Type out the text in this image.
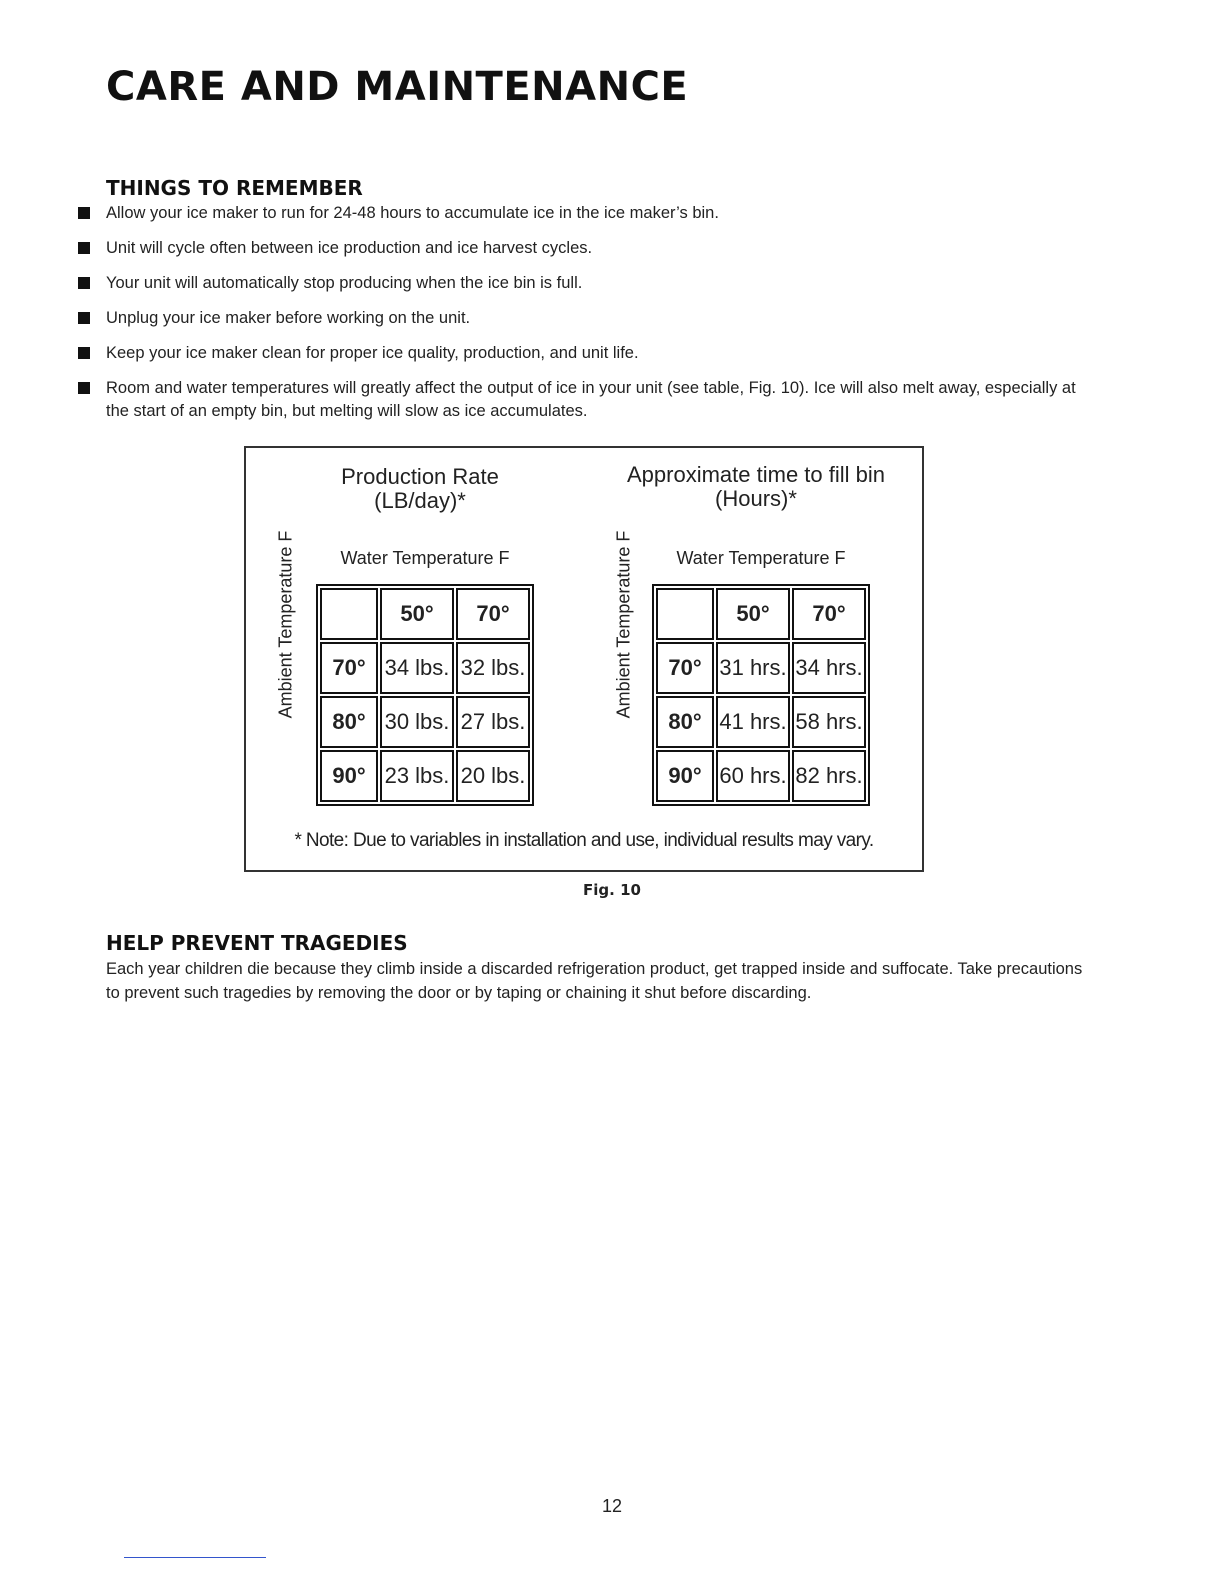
CARE AND MAINTENANCE
THINGS TO REMEMBER
Allow your ice maker to run for 24-48 hours to accumulate ice in the ice maker’s bin.
Unit will cycle often between ice production and ice harvest cycles.
Your unit will automatically stop producing when the ice bin is full.
Unplug your ice maker before working on the unit.
Keep your ice maker clean for proper ice quality, production, and unit life.
Room and water temperatures will greatly affect the output of ice in your unit (see table, Fig. 10). Ice will also melt away, especially at the start of an empty bin, but melting will slow as ice accumulates.
Production Rate
(LB/day)*
Approximate time to fill bin
(Hours)*
Water Temperature F	Water Temperature F
Ambient Temperature F	Ambient Temperature F
	50°	70°
70°	34 lbs.	32 lbs.
80°	30 lbs.	27 lbs.
90°	23 lbs.	20 lbs.
	50°	70°
70°	31 hrs.	34 hrs.
80°	41 hrs.	58 hrs.
90°	60 hrs.	82 hrs.
* Note: Due to variables in installation and use, individual results may vary.
Fig. 10
HELP PREVENT TRAGEDIES

Each year children die because they climb inside a discarded refrigeration product, get trapped inside and suffocate. Take precautions to prevent such tragedies by removing the door or by taping or chaining it shut before discarding.

12
